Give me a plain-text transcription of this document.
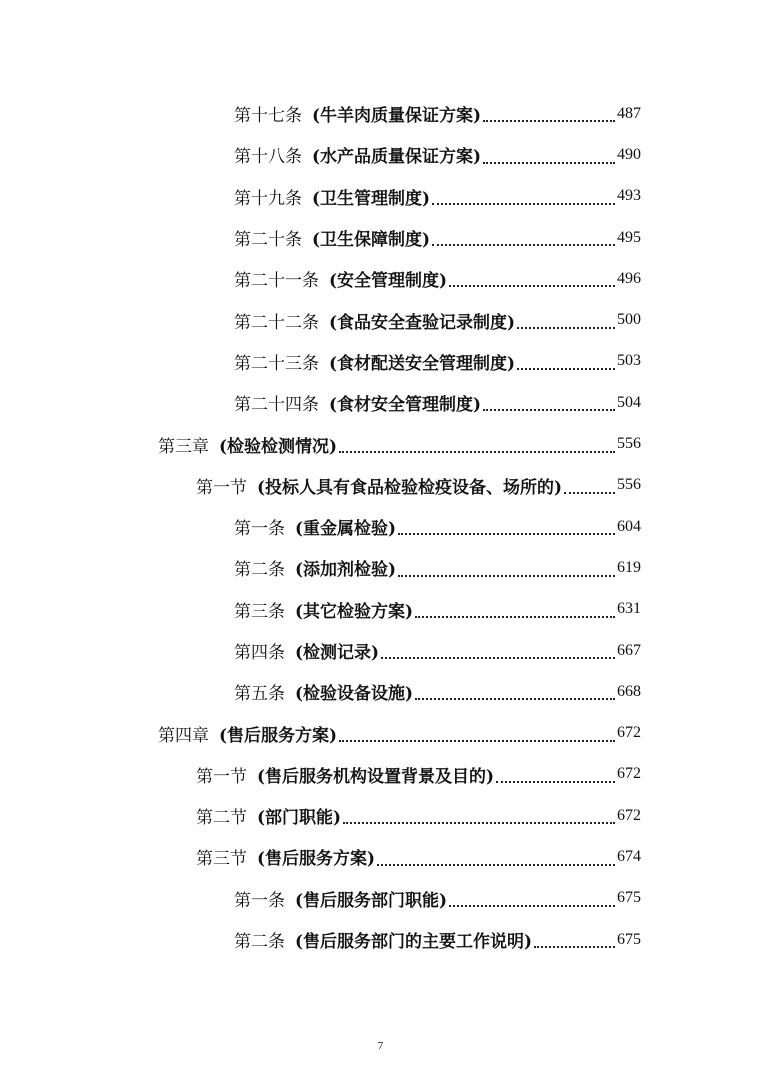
第十七条 (牛羊肉质量保证方案)	487
第十八条 (水产品质量保证方案)	490
第十九条 (卫生管理制度)	493
第二十条 (卫生保障制度)	495
第二十一条 (安全管理制度)	496
第二十二条 (食品安全查验记录制度)	500
第二十三条 (食材配送安全管理制度)	503
第二十四条 (食材安全管理制度)	504
第三章 (检验检测情况)	556
第一节 (投标人具有食品检验检疫设备、场所的)	556
第一条 (重金属检验)	604
第二条 (添加剂检验)	619
第三条 (其它检验方案)	631
第四条 (检测记录)	667
第五条 (检验设备设施)	668
第四章 (售后服务方案)	672
第一节 (售后服务机构设置背景及目的)	672
第二节 (部门职能)	672
第三节 (售后服务方案)	674
第一条 (售后服务部门职能)	675
第二条 (售后服务部门的主要工作说明)	675
7
